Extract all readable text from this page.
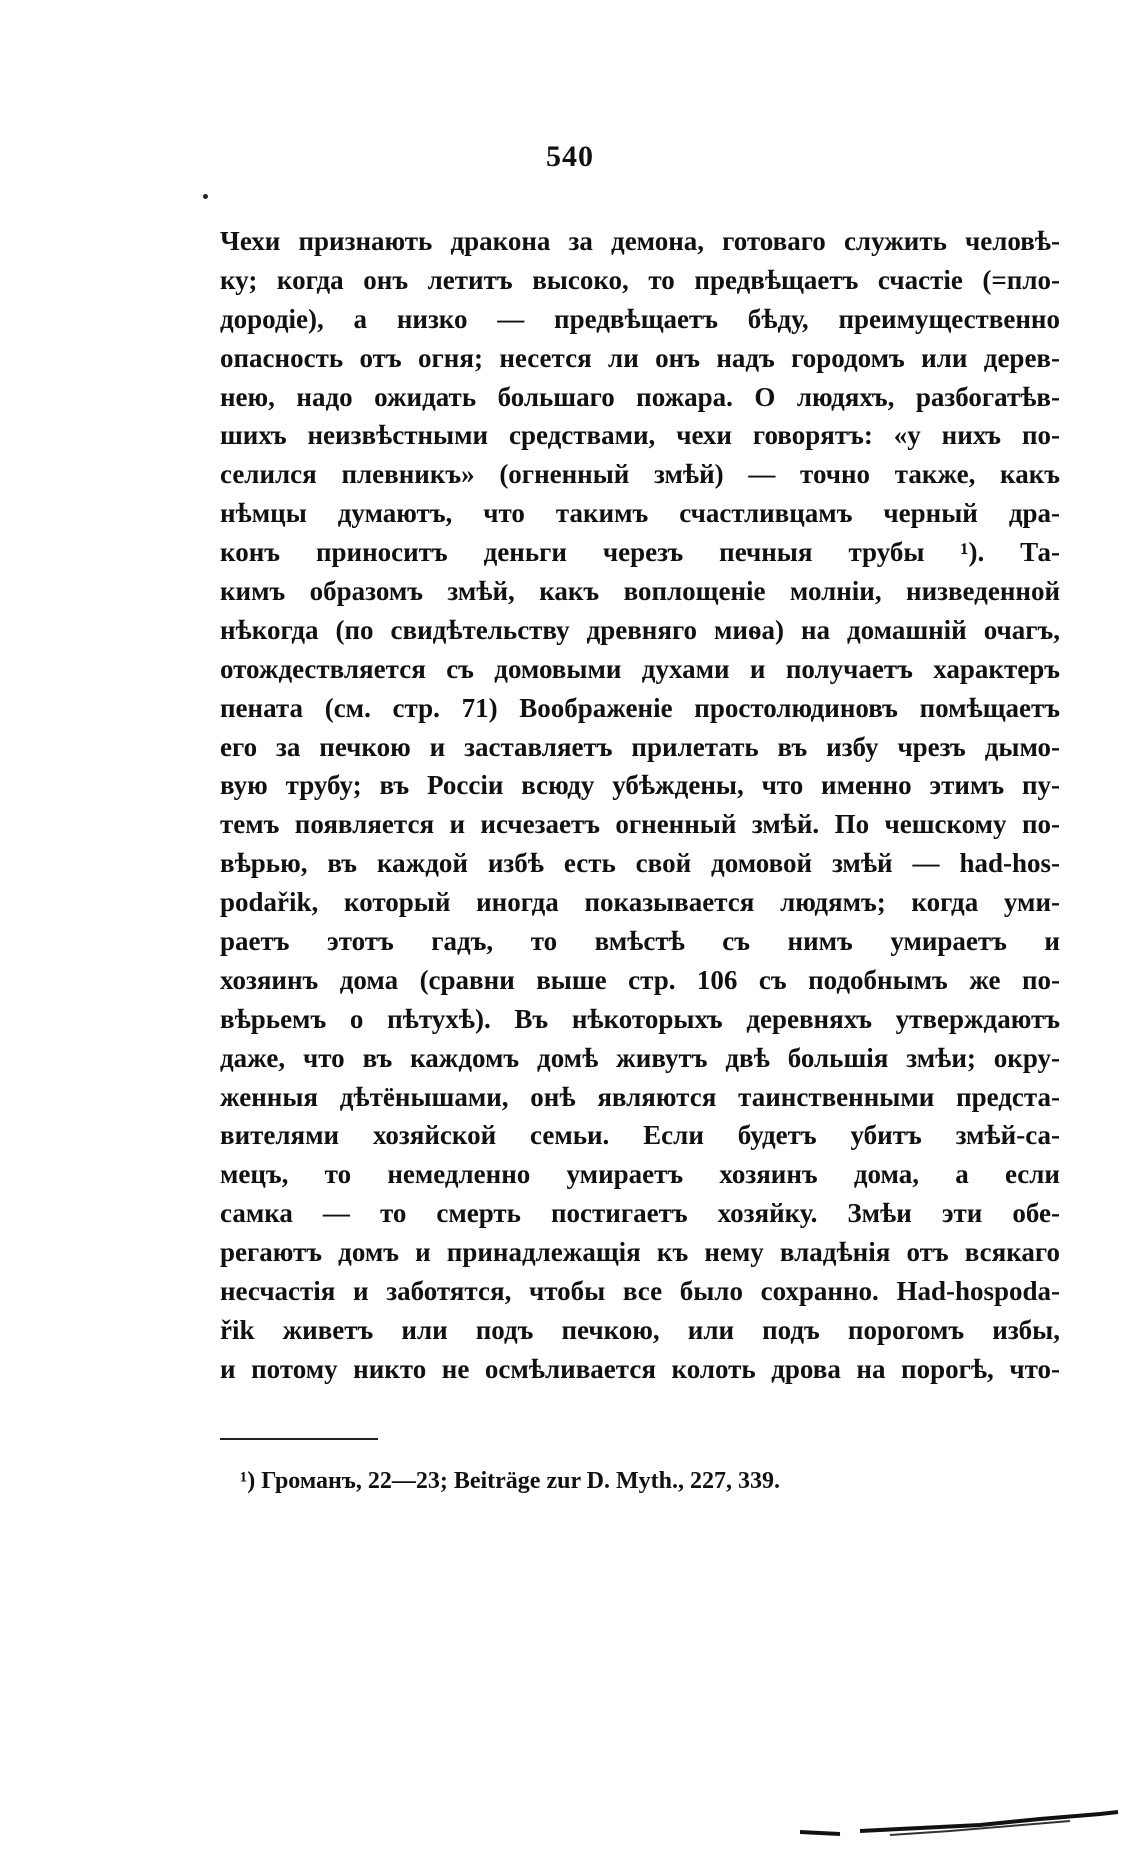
540
Чехи признають дракона за демона, готоваго служить человѣ-
ку; когда онъ летитъ высоко, то предвѣщаетъ счастіе (=пло-
дородіе), а низко — предвѣщаетъ бѣду, преимущественно
опасность отъ огня; несется ли онъ надъ городомъ или дерев-
нею, надо ожидать большаго пожара. О людяхъ, разбогатѣв-
шихъ неизвѣстными средствами, чехи говорятъ: «у нихъ по-
селился плевникъ» (огненный змѣй) — точно также, какъ
нѣмцы думаютъ, что такимъ счастливцамъ черный дра-
конъ приноситъ деньги черезъ печныя трубы ¹). Та-
кимъ образомъ змѣй, какъ воплощеніе молніи, низведенной
нѣкогда (по свидѣтельству древняго миѳа) на домашній очагъ,
отождествляется съ домовыми духами и получаетъ характеръ
пената (см. стр. 71) Воображеніе простолюдиновъ помѣщаетъ
его за печкою и заставляетъ прилетать въ избу чрезъ дымо-
вую трубу; въ Россіи всюду убѣждены, что именно этимъ пу-
темъ появляется и исчезаетъ огненный змѣй. По чешскому по-
вѣрью, въ каждой избѣ есть свой домовой змѣй — had-hos-
podařik, который иногда показывается людямъ; когда уми-
раетъ этотъ гадъ, то вмѣстѣ съ нимъ умираетъ и
хозяинъ дома (сравни выше стр. 106 съ подобнымъ же по-
вѣрьемъ о пѣтухѣ). Въ нѣкоторыхъ деревняхъ утверждаютъ
даже, что въ каждомъ домѣ живутъ двѣ большія змѣи; окру-
женныя дѣтёнышами, онѣ являются таинственными предста-
вителями хозяйской семьи. Если будетъ убитъ змѣй-са-
мецъ, то немедленно умираетъ хозяинъ дома, а если
самка — то смерть постигаетъ хозяйку. Змѣи эти обе-
регаютъ домъ и принадлежащія къ нему владѣнія отъ всякаго
несчастія и заботятся, чтобы все было сохранно. Had-hospoda-
řik живетъ или подъ печкою, или подъ порогомъ избы,
и потому никто не осмѣливается колоть дрова на порогѣ, что-
¹) Громанъ, 22—23; Beiträge zur D. Myth., 227, 339.
